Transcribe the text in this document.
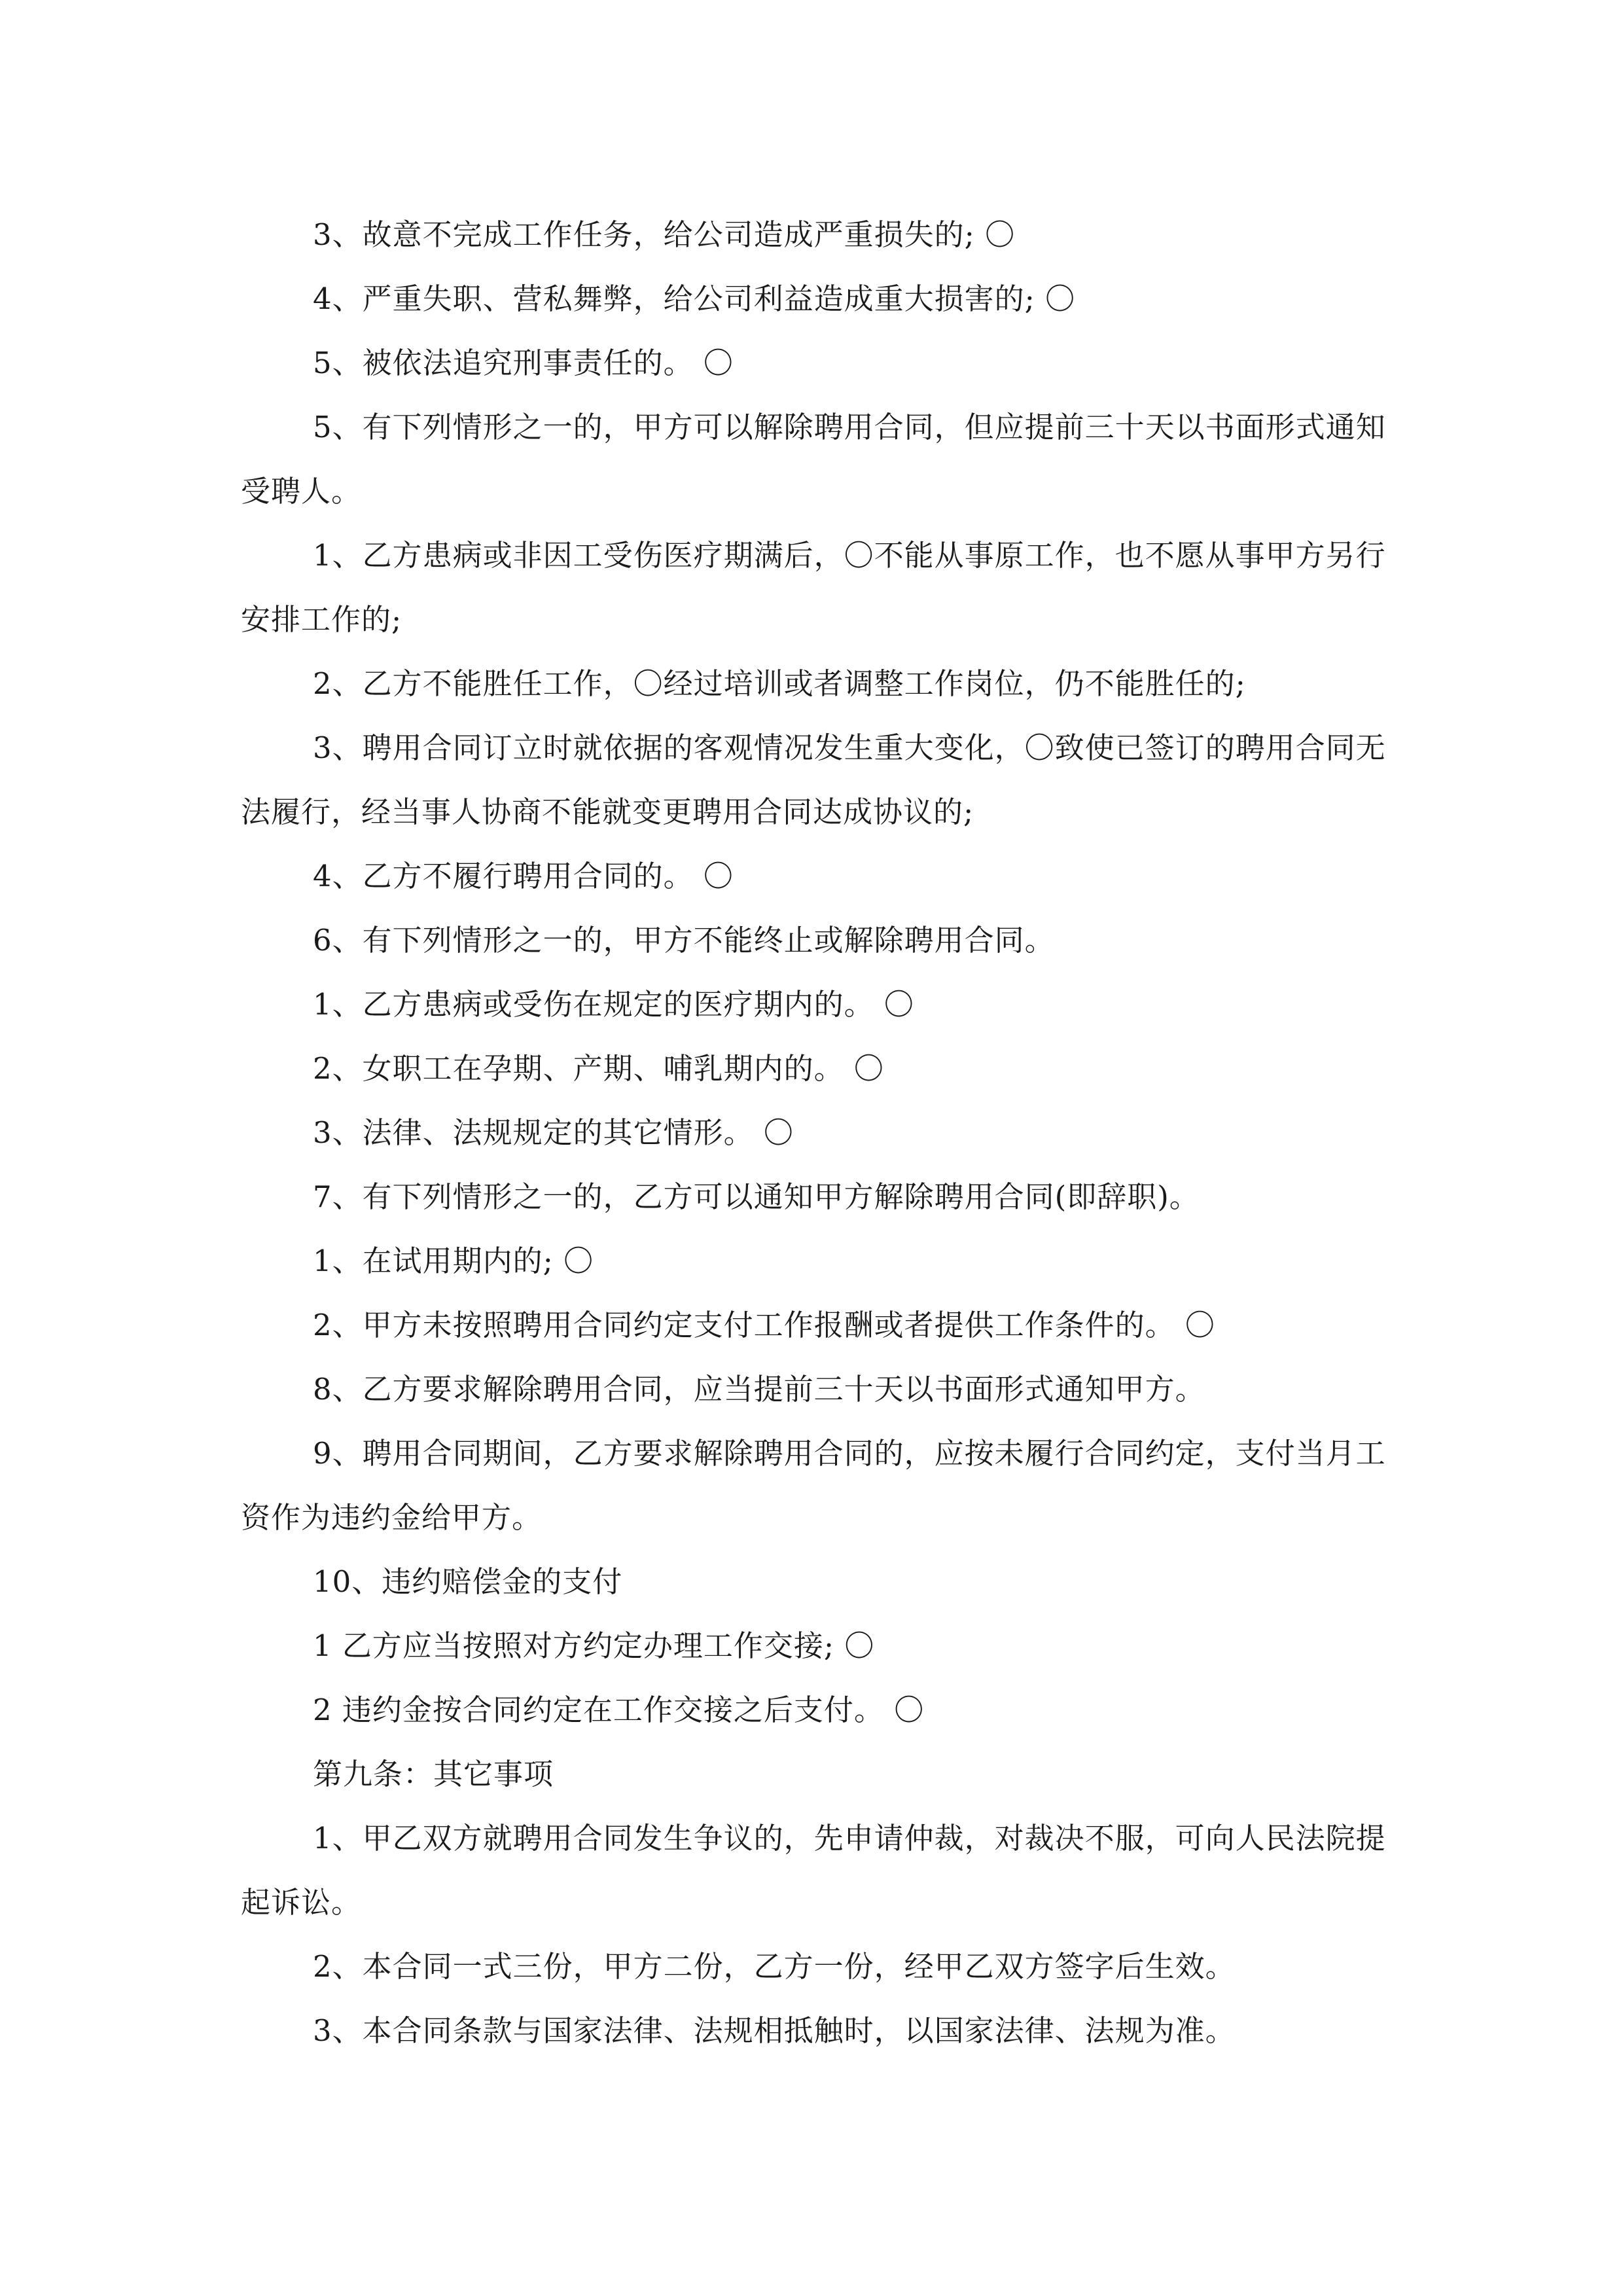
3、故意不完成工作任务，给公司造成严重损失的; 〇

4、严重失职、营私舞弊，给公司利益造成重大损害的; 〇

5、被依法追究刑事责任的。 〇

5、有下列情形之一的，甲方可以解除聘用合同，但应提前三十天以书面形式通知受聘人。

1、乙方患病或非因工受伤医疗期满后，〇不能从事原工作，也不愿从事甲方另行安排工作的;

2、乙方不能胜任工作，〇经过培训或者调整工作岗位，仍不能胜任的;

3、聘用合同订立时就依据的客观情况发生重大变化，〇致使已签订的聘用合同无法履行，经当事人协商不能就变更聘用合同达成协议的;

4、乙方不履行聘用合同的。 〇

6、有下列情形之一的，甲方不能终止或解除聘用合同。

1、乙方患病或受伤在规定的医疗期内的。 〇

2、女职工在孕期、产期、哺乳期内的。 〇

3、法律、法规规定的其它情形。 〇

7、有下列情形之一的，乙方可以通知甲方解除聘用合同(即辞职)。

1、在试用期内的; 〇

2、甲方未按照聘用合同约定支付工作报酬或者提供工作条件的。 〇

8、乙方要求解除聘用合同，应当提前三十天以书面形式通知甲方。

9、聘用合同期间，乙方要求解除聘用合同的，应按未履行合同约定，支付当月工资作为违约金给甲方。

10、违约赔偿金的支付

1 乙方应当按照对方约定办理工作交接; 〇

2 违约金按合同约定在工作交接之后支付。 〇

第九条：其它事项

1、甲乙双方就聘用合同发生争议的，先申请仲裁，对裁决不服，可向人民法院提起诉讼。

2、本合同一式三份，甲方二份，乙方一份，经甲乙双方签字后生效。

3、本合同条款与国家法律、法规相抵触时，以国家法律、法规为准。
